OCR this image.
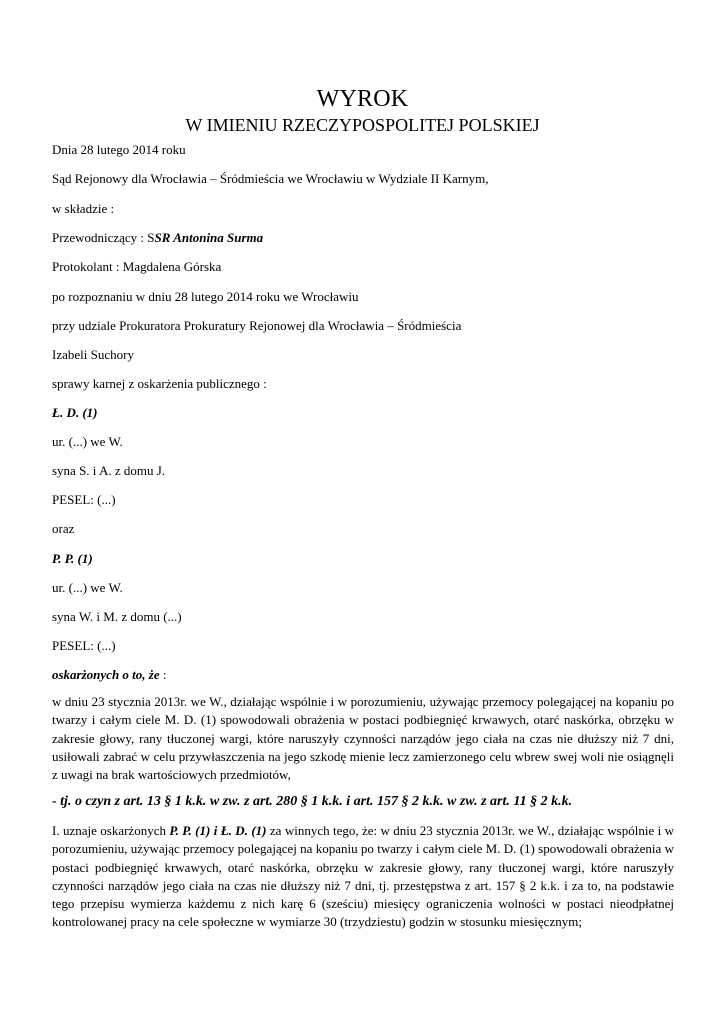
WYROK
W IMIENIU RZECZYPOSPOLITEJ POLSKIEJ
Dnia 28 lutego 2014 roku
Sąd Rejonowy dla Wrocławia – Śródmieścia we Wrocławiu w Wydziale II Karnym,
w składzie :
Przewodniczący : SSR Antonina Surma
Protokolant : Magdalena Górska
po rozpoznaniu w dniu 28 lutego 2014 roku we Wrocławiu
przy udziale Prokuratora Prokuratury Rejonowej dla Wrocławia – Śródmieścia
Izabeli Suchory
sprawy karnej z oskarżenia publicznego :
Ł. D. (1)
ur. (...) we W.
syna S. i A. z domu J.
PESEL: (...)
oraz
P. P. (1)
ur. (...) we W.
syna W. i M. z domu (...)
PESEL: (...)
oskarżonych o to, że :
w dniu 23 stycznia 2013r. we W., działając wspólnie i w porozumieniu, używając przemocy polegającej na kopaniu po twarzy i całym ciele M. D. (1) spowodowali obrażenia w postaci podbiegnięć krwawych, otarć naskórka, obrzęku w zakresie głowy, rany tłuczonej wargi, które naruszyły czynności narządów jego ciała na czas nie dłuższy niż 7 dni, usiłowali zabrać w celu przywłaszczenia na jego szkodę mienie lecz zamierzonego celu wbrew swej woli nie osiągnęli z uwagi na brak wartościowych przedmiotów,
- tj. o czyn z art. 13 § 1 k.k. w zw. z art. 280 § 1 k.k. i art. 157 § 2 k.k. w zw. z art. 11 § 2 k.k.
I. uznaje oskarżonych P. P. (1) i Ł. D. (1) za winnych tego, że: w dniu 23 stycznia 2013r. we W., działając wspólnie i w porozumieniu, używając przemocy polegającej na kopaniu po twarzy i całym ciele M. D. (1) spowodowali obrażenia w postaci podbiegnięć krwawych, otarć naskórka, obrzęku w zakresie głowy, rany tłuczonej wargi, które naruszyły czynności narządów jego ciała na czas nie dłuższy niż 7 dni, tj. przestępstwa z art. 157 § 2 k.k. i za to, na podstawie tego przepisu wymierza każdemu z nich karę 6 (sześciu) miesięcy ograniczenia wolności w postaci nieodpłatnej kontrolowanej pracy na cele społeczne w wymiarze 30 (trzydziestu) godzin w stosunku miesięcznym;
